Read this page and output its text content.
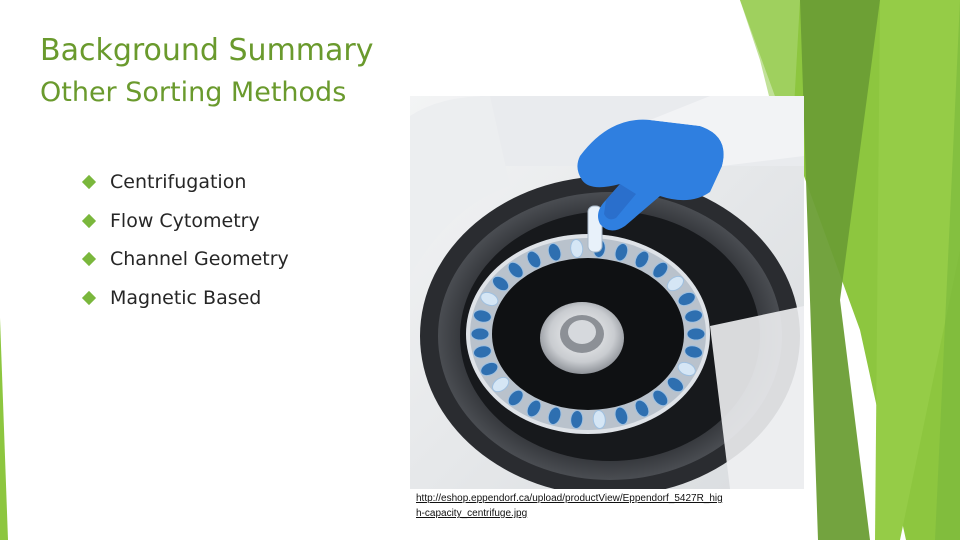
Background Summary
Other Sorting Methods
Centrifugation
Flow Cytometry
Channel Geometry
Magnetic Based
http://eshop.eppendorf.ca/upload/productView/Eppendorf_5427R_high-capacity_centrifuge.jpg
